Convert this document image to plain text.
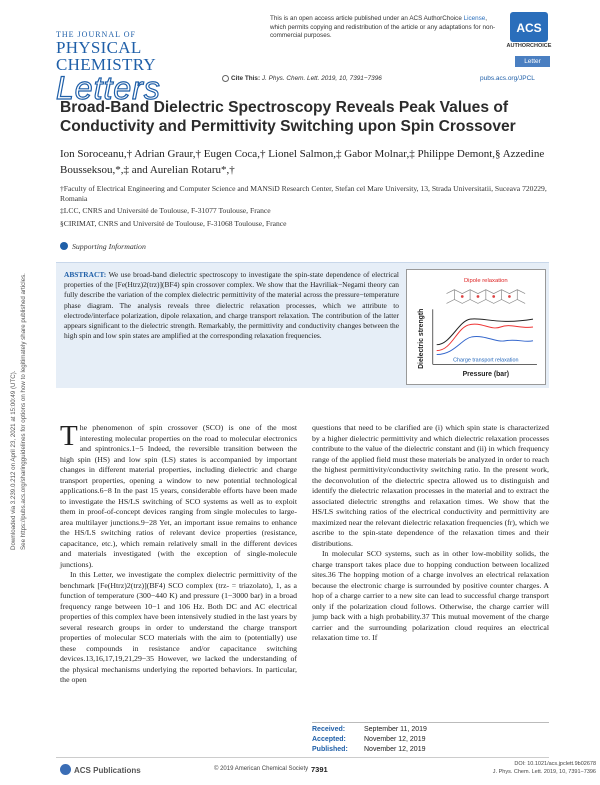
Downloaded via 3.239.0.212 on April 23, 2021 at 15:00:49 (UTC). See https://pubs.acs.org/sharingguidelines for options on how to legitimately share published articles.
This is an open access article published under an ACS AuthorChoice License, which permits copying and redistribution of the article or any adaptations for non-commercial purposes.
ACS
AUTHORCHOICE
THE JOURNAL OF
PHYSICAL CHEMISTRY
Letters
Letter
Cite This: J. Phys. Chem. Lett. 2019, 10, 7391−7396	pubs.acs.org/JPCL
Broad-Band Dielectric Spectroscopy Reveals Peak Values of Conductivity and Permittivity Switching upon Spin Crossover
Ion Soroceanu,† Adrian Graur,† Eugen Coca,† Lionel Salmon,‡ Gabor Molnar,‡ Philippe Demont,§ Azzedine Bousseksou,*,‡ and Aurelian Rotaru*,†
†Faculty of Electrical Engineering and Computer Science and MANSiD Research Center, Stefan cel Mare University, 13, Strada Universitatii, Suceava 720229, Romania
‡LCC, CNRS and Université de Toulouse, F-31077 Toulouse, France
§CIRIMAT, CNRS and Université de Toulouse, F-31068 Toulouse, France
Supporting Information
ABSTRACT: We use broad-band dielectric spectroscopy to investigate the spin-state dependence of electrical properties of the [Fe(Htrz)2(trz)](BF4) spin crossover complex. We show that the Havriliak−Negami theory can fully describe the variation of the complex dielectric permittivity of the material across the pressure−temperature phase diagram. The analysis reveals three dielectric relaxation processes, which we attribute to electrode/interface polarization, dipole relaxation, and charge transport relaxation. The contribution of the latter appears significant to the dielectric strength. Remarkably, the permittivity and conductivity changes between the high spin and low spin states are amplified at the corresponding relaxation frequencies.
Dipole relaxation
Charge transport relaxation
Pressure (bar)
Dielectric strength

The phenomenon of spin crossover (SCO) is one of the most interesting molecular properties on the road to molecular electronics and spintronics.1−5 Indeed, the reversible transition between the high spin (HS) and low spin (LS) states is accompanied by important changes in different material properties, including dielectric and charge transport properties, opening a window to new potential technological applications.6−8 In the past 15 years, considerable efforts have been made to investigate the HS/LS switching of SCO systems as well as to exploit them in proof-of-concept devices ranging from single molecules to large-area multilayer junctions.9−28 Yet, an important issue remains to enhance the HS/LS switching ratios of relevant device properties (resistance, capacitance, etc.), which remain relatively small in the different devices and materials investigated (with the exception of single-molecule junctions).

In this Letter, we investigate the complex dielectric permittivity of the benchmark [Fe(Htrz)2(trz)](BF4) SCO complex (trz- = triazolato), 1, as a function of temperature (300−440 K) and pressure (1−3000 bar) in a broad frequency range between 10−1 and 106 Hz. Both DC and AC electrical properties of this complex have been intensively studied in the last years by several research groups in order to understand the charge transport properties of molecular SCO materials with the aim to (potentially) use these compounds in resistance and/or capacitance switching devices.13,16,17,19,21,29−35 However, we lacked the understanding of the physical mechanisms underlying the reported behaviors. In particular, the open

questions that need to be clarified are (i) which spin state is characterized by a higher dielectric permittivity and which dielectric relaxation processes contribute to the value of the dielectric constant and (ii) in which frequency range of the applied field must these materials be analyzed in order to reach the highest permittivity/conductivity switching ratio. In the present work, the deconvolution of the dielectric spectra allowed us to distinguish and identify the dielectric relaxation processes in the material and to extract the associated dielectric strengths and relaxation times. We show that the HS/LS switching ratios of the electrical conductivity and permittivity are maximized near the relevant dielectric relaxation frequencies (fr), which we ascribe to the spin-state dependence of the relaxation times and their distributions.

In molecular SCO systems, such as in other low-mobility solids, the charge transport takes place due to hopping conduction between localized sites.36 The hopping motion of a charge involves an electrical relaxation because the electronic charge is surrounded by positive counter charges. A hop of a charge carrier to a new site can lead to successful charge transport only if the polarization cloud follows. Otherwise, the charge carrier will jump back with a high probability.37 This mutual movement of the charge carrier and the surrounding polarization cloud requires an electrical relaxation time τσ. If

Received:	September 11, 2019
Accepted:	November 12, 2019
Published: November 12, 2019
ACS Publications	© 2019 American Chemical Society 7391
DOI: 10.1021/acs.jpclett.9b02678
J. Phys. Chem. Lett. 2019, 10, 7391−7396
